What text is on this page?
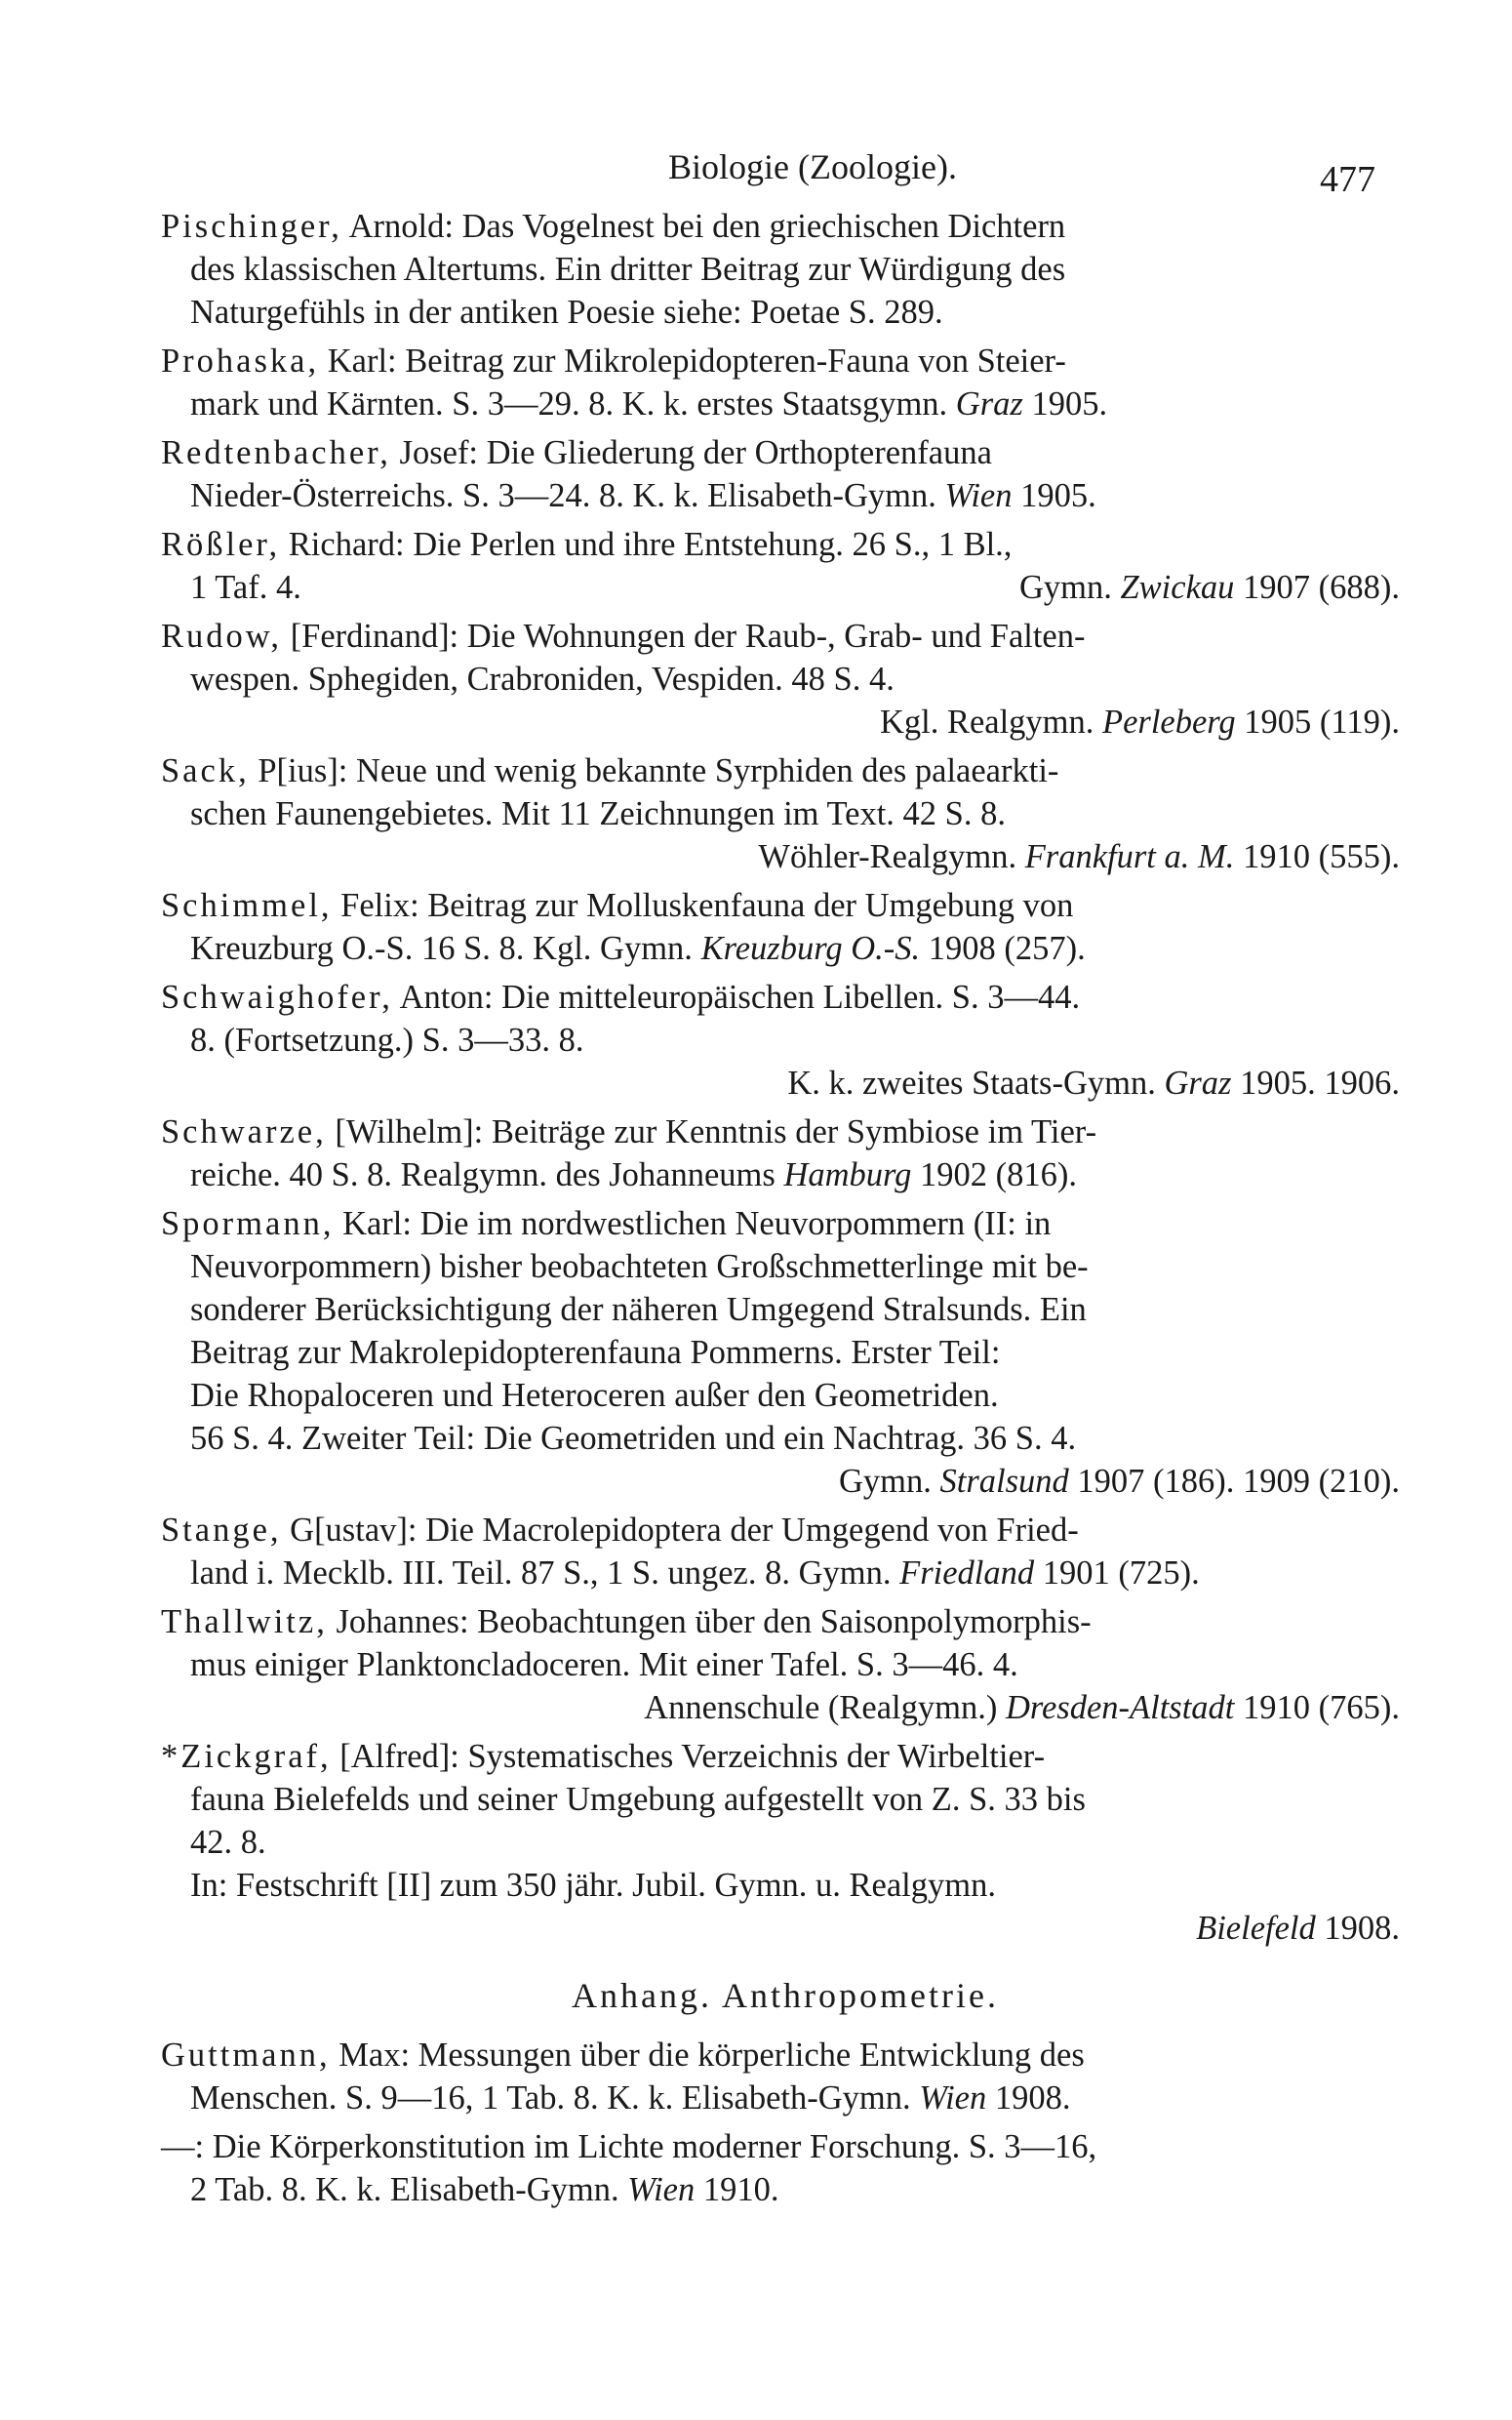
Biologie (Zoologie).	477
Pischinger, Arnold: Das Vogelnest bei den griechischen Dichtern
des klassischen Altertums. Ein dritter Beitrag zur Würdigung des
Naturgefühls in der antiken Poesie siehe: Poetae S. 289.
Prohaska, Karl: Beitrag zur Mikrolepidopteren-Fauna von Steier-
mark und Kärnten. S. 3—29. 8. K. k. erstes Staatsgymn. Graz 1905.
Redtenbacher, Josef: Die Gliederung der Orthopterenfauna
Nieder-Österreichs. S. 3—24. 8. K. k. Elisabeth-Gymn. Wien 1905.
Rößler, Richard: Die Perlen und ihre Entstehung. 26 S., 1 Bl.,
1 Taf. 4.	Gymn. Zwickau 1907 (688).
Rudow, [Ferdinand]: Die Wohnungen der Raub-, Grab- und Falten-
wespen. Sphegiden, Crabroniden, Vespiden. 48 S. 4.
Kgl. Realgymn. Perleberg 1905 (119).
Sack, P[ius]: Neue und wenig bekannte Syrphiden des palaearkti-
schen Faunengebietes. Mit 11 Zeichnungen im Text. 42 S. 8.
Wöhler-Realgymn. Frankfurt a. M. 1910 (555).
Schimmel, Felix: Beitrag zur Molluskenfauna der Umgebung von
Kreuzburg O.-S. 16 S. 8. Kgl. Gymn. Kreuzburg O.-S. 1908 (257).
Schwaighofer, Anton: Die mitteleuropäischen Libellen. S. 3—44.
8. (Fortsetzung.) S. 3—33. 8.
K. k. zweites Staats-Gymn. Graz 1905. 1906.
Schwarze, [Wilhelm]: Beiträge zur Kenntnis der Symbiose im Tier-
reiche. 40 S. 8. Realgymn. des Johanneums Hamburg 1902 (816).
Spormann, Karl: Die im nordwestlichen Neuvorpommern (II: in
Neuvorpommern) bisher beobachteten Großschmetterlinge mit be-
sonderer Berücksichtigung der näheren Umgegend Stralsunds. Ein
Beitrag zur Makrolepidopterenfauna Pommerns. Erster Teil:
Die Rhopaloceren und Heteroceren außer den Geometriden.
56 S. 4. Zweiter Teil: Die Geometriden und ein Nachtrag. 36 S. 4.
Gymn. Stralsund 1907 (186). 1909 (210).
Stange, G[ustav]: Die Macrolepidoptera der Umgegend von Fried-
land i. Mecklb. III. Teil. 87 S., 1 S. ungez. 8. Gymn. Friedland 1901 (725).
Thallwitz, Johannes: Beobachtungen über den Saisonpolymorphis-
mus einiger Planktoncladoceren. Mit einer Tafel. S. 3—46. 4.
Annenschule (Realgymn.) Dresden-Altstadt 1910 (765).
*Zickgraf, [Alfred]: Systematisches Verzeichnis der Wirbeltier-
fauna Bielefelds und seiner Umgebung aufgestellt von Z. S. 33 bis
42. 8.
In: Festschrift [II] zum 350 jähr. Jubil. Gymn. u. Realgymn.
Bielefeld 1908.
Anhang. Anthropometrie.
Guttmann, Max: Messungen über die körperliche Entwicklung des
Menschen. S. 9—16, 1 Tab. 8. K. k. Elisabeth-Gymn. Wien 1908.
—: Die Körperkonstitution im Lichte moderner Forschung. S. 3—16,
2 Tab. 8. K. k. Elisabeth-Gymn. Wien 1910.
